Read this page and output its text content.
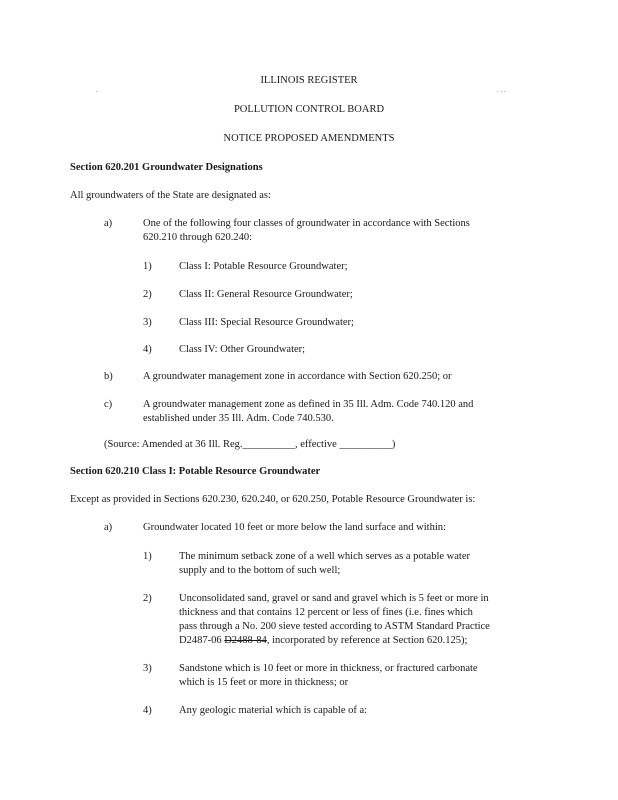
.	. . .
ILLINOIS REGISTER
POLLUTION CONTROL BOARD
NOTICE PROPOSED AMENDMENTS
Section 620.201 Groundwater Designations
All groundwaters of the State are designated as:
a)	One of the following four classes of groundwater in accordance with Sections
620.210 through 620.240:
1)	Class I: Potable Resource Groundwater;
2)	Class II: General Resource Groundwater;
3)	Class III: Special Resource Groundwater;
4)	Class IV: Other Groundwater;
b)	A groundwater management zone in accordance with Section 620.250; or
c)	A groundwater management zone as defined in 35 Ill. Adm. Code 740.120 and
established under 35 Ill. Adm. Code 740.530.
(Source: Amended at 36 Ill. Reg.__________, effective __________)
Section 620.210 Class I: Potable Resource Groundwater
Except as provided in Sections 620.230, 620.240, or 620.250, Potable Resource Groundwater is:
a)	Groundwater located 10 feet or more below the land surface and within:
1)	The minimum setback zone of a well which serves as a potable water
supply and to the bottom of such well;
2)	Unconsolidated sand, gravel or sand and gravel which is 5 feet or more in
thickness and that contains 12 percent or less of fines (i.e. fines which
pass through a No. 200 sieve tested according to ASTM Standard Practice
D2487-06 D2488-84, incorporated by reference at Section 620.125);
3)	Sandstone which is 10 feet or more in thickness, or fractured carbonate
which is 15 feet or more in thickness; or
4)	Any geologic material which is capable of a:
